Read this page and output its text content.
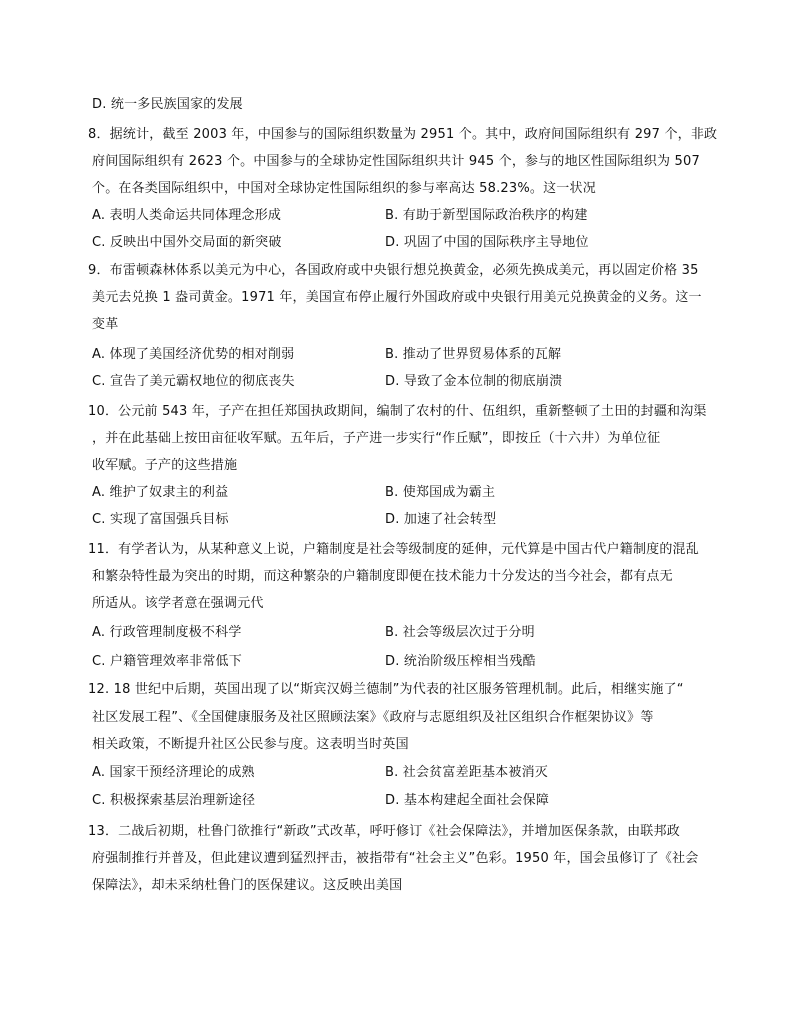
D. 统一多民族国家的发展
8．据统计，截至 2003 年，中国参与的国际组织数量为 2951 个。其中，政府间国际组织有 297 个，非政
府间国际组织有 2623 个。中国参与的全球协定性国际组织共计 945 个，参与的地区性国际组织为 507
个。在各类国际组织中，中国对全球协定性国际组织的参与率高达 58.23%。这一状况
A. 表明人类命运共同体理念形成	B. 有助于新型国际政治秩序的构建
C. 反映出中国外交局面的新突破	D. 巩固了中国的国际秩序主导地位
9．布雷顿森林体系以美元为中心，各国政府或中央银行想兑换黄金，必须先换成美元，再以固定价格 35
美元去兑换 1 盎司黄金。1971 年，美国宣布停止履行外国政府或中央银行用美元兑换黄金的义务。这一
变革
A. 体现了美国经济优势的相对削弱	B. 推动了世界贸易体系的瓦解
C. 宣告了美元霸权地位的彻底丧失	D. 导致了金本位制的彻底崩溃
10．公元前 543 年，子产在担任郑国执政期间，编制了农村的什、伍组织，重新整顿了土田的封疆和沟渠
，并在此基础上按田亩征收军赋。五年后，子产进一步实行“作丘赋”，即按丘（十六井）为单位征
收军赋。子产的这些措施
A. 维护了奴隶主的利益	B. 使郑国成为霸主
C. 实现了富国强兵目标	D. 加速了社会转型
11．有学者认为，从某种意义上说，户籍制度是社会等级制度的延伸，元代算是中国古代户籍制度的混乱
和繁杂特性最为突出的时期，而这种繁杂的户籍制度即便在技术能力十分发达的当今社会，都有点无
所适从。该学者意在强调元代
A. 行政管理制度极不科学	B. 社会等级层次过于分明
C. 户籍管理效率非常低下	D. 统治阶级压榨相当残酷
12. 18 世纪中后期，英国出现了以“斯宾汉姆兰德制”为代表的社区服务管理机制。此后，相继实施了“
社区发展工程”、《全国健康服务及社区照顾法案》《政府与志愿组织及社区组织合作框架协议》等
相关政策，不断提升社区公民参与度。这表明当时英国
A. 国家干预经济理论的成熟	B. 社会贫富差距基本被消灭
C. 积极探索基层治理新途径	D. 基本构建起全面社会保障
13．二战后初期，杜鲁门欲推行“新政”式改革，呼吁修订《社会保障法》，并增加医保条款，由联邦政
府强制推行并普及，但此建议遭到猛烈抨击，被指带有“社会主义”色彩。1950 年，国会虽修订了《社会
保障法》，却未采纳杜鲁门的医保建议。这反映出美国
